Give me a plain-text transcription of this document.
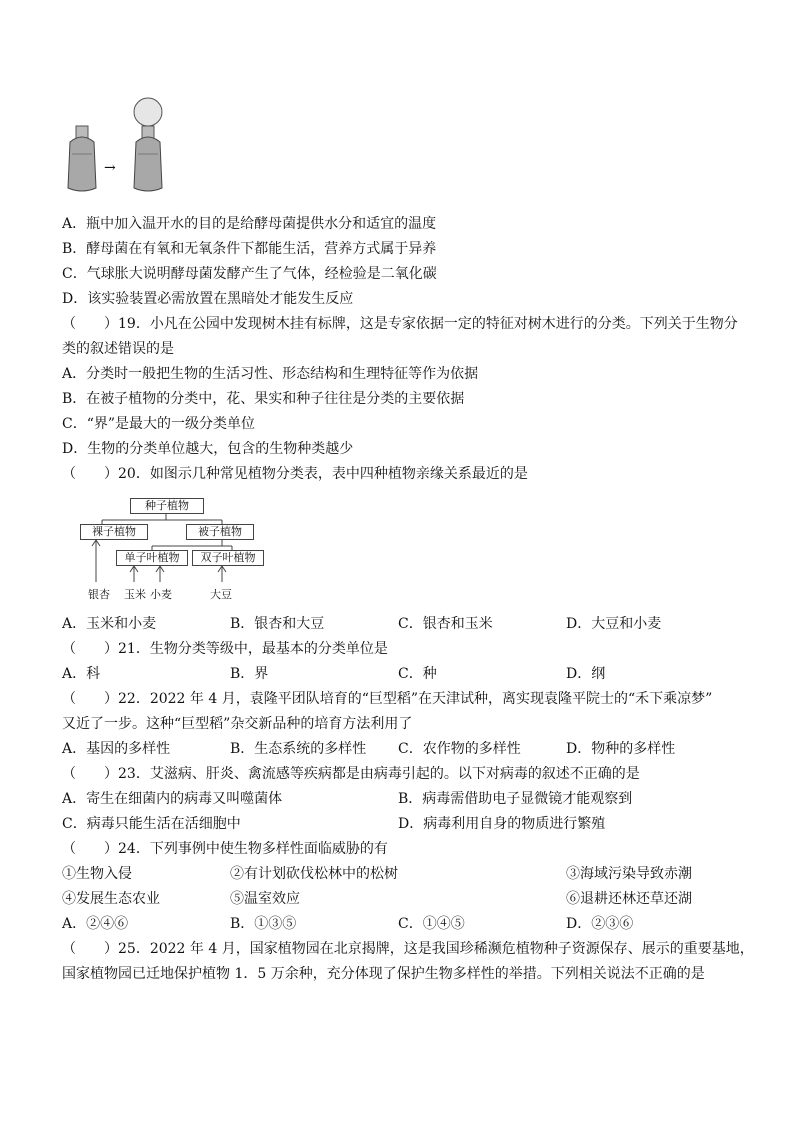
→
A．瓶中加入温开水的目的是给酵母菌提供水分和适宜的温度
B．酵母菌在有氧和无氧条件下都能生活，营养方式属于异养
C．气球胀大说明酵母菌发酵产生了气体，经检验是二氧化碳
D．该实验装置必需放置在黑暗处才能发生反应
（　　）19．小凡在公园中发现树木挂有标牌，这是专家依据一定的特征对树木进行的分类。下列关于生物分
类的叙述错误的是
A．分类时一般把生物的生活习性、形态结构和生理特征等作为依据
B．在被子植物的分类中，花、果实和种子往往是分类的主要依据
C．“界”是最大的一级分类单位
D．生物的分类单位越大，包含的生物种类越少
（　　）20．如图示几种常见植物分类表，表中四种植物亲缘关系最近的是
种子植物
裸子植物	被子植物
单子叶植物	双子叶植物
银杏 玉米 小麦	大豆
A．玉米和小麦	B．银杏和大豆	C．银杏和玉米	D．大豆和小麦
（　　）21．生物分类等级中，最基本的分类单位是
A．科	B．界	C．种	D．纲
（　　）22．2022 年 4 月，袁隆平团队培育的“巨型稻”在天津试种，离实现袁隆平院士的“禾下乘凉梦”
又近了一步。这种“巨型稻”杂交新品种的培育方法利用了
A．基因的多样性	B．生态系统的多样性 C．农作物的多样性	D．物种的多样性
（　　）23．艾滋病、肝炎、禽流感等疾病都是由病毒引起的。以下对病毒的叙述不正确的是
A．寄生在细菌内的病毒又叫噬菌体	B．病毒需借助电子显微镜才能观察到
C．病毒只能生活在活细胞中	D．病毒利用自身的物质进行繁殖
（　　）24．下列事例中使生物多样性面临威胁的有
①生物入侵	②有计划砍伐松林中的松树	③海域污染导致赤潮
④发展生态农业	⑤温室效应	⑥退耕还林还草还湖
A．②④⑥	B．①③⑤	C．①④⑤	D．②③⑥
（　　）25．2022 年 4 月，国家植物园在北京揭牌，这是我国珍稀濒危植物种子资源保存、展示的重要基地，
国家植物园已迁地保护植物 1．5 万余种，充分体现了保护生物多样性的举措。下列相关说法不正确的是
